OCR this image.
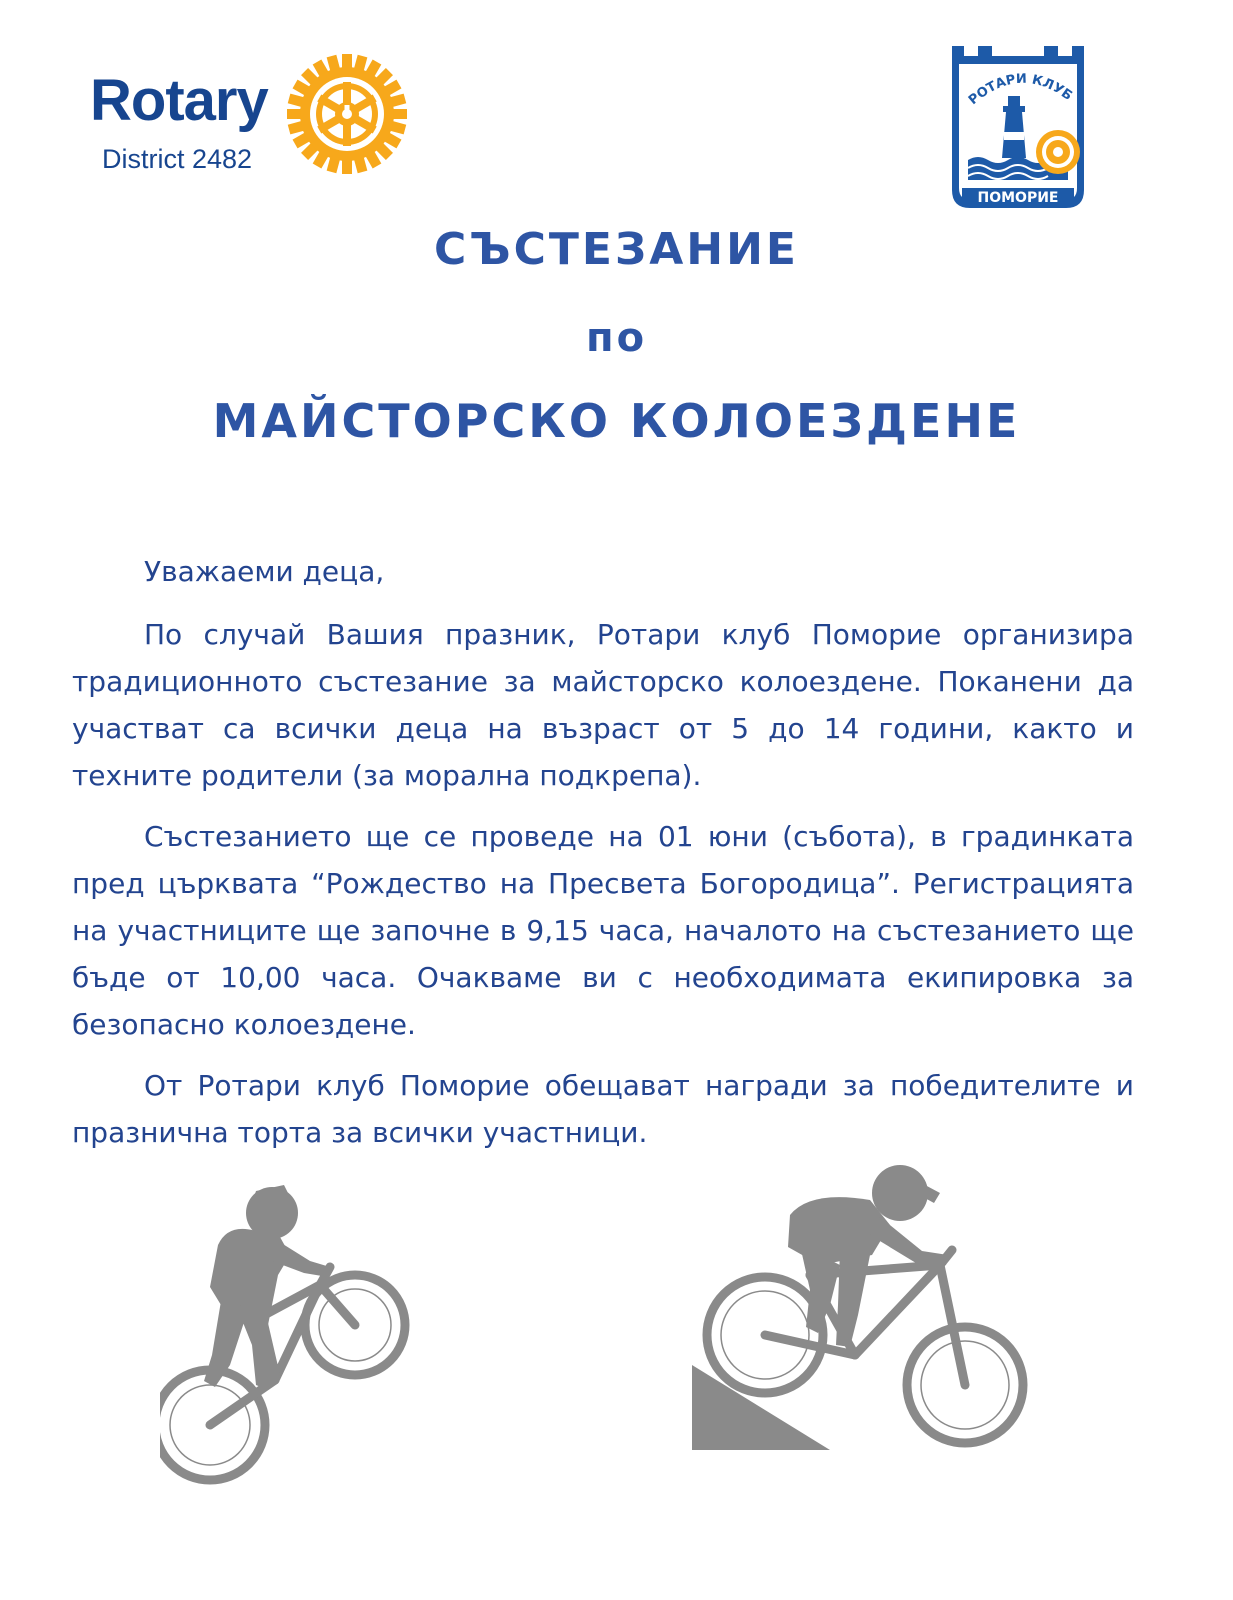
Rotary
District 2482
РОТАРИ КЛУБ
ПОМОРИЕ
СЪСТЕЗАНИЕ
по
МАЙСТОРСКО КОЛОЕЗДЕНЕ

Уважаеми деца,

По случай Вашия празник, Ротари клуб Поморие организира традиционното състезание за майсторско колоездене. Поканени да участват са всички деца на възраст от 5 до 14 години, както и техните родители (за морална подкрепа).

Състезанието ще се проведе на 01 юни (събота), в градинката пред църквата “Рождество на Пресвета Богородица”. Регистрацията на участниците ще започне в 9,15 часа, началото на състезанието ще бъде от 10,00 часа. Очакваме ви с необходимата екипировка за безопасно колоездене.

От Ротари клуб Поморие обещават награди за победителите и празнична торта за всички участници.
